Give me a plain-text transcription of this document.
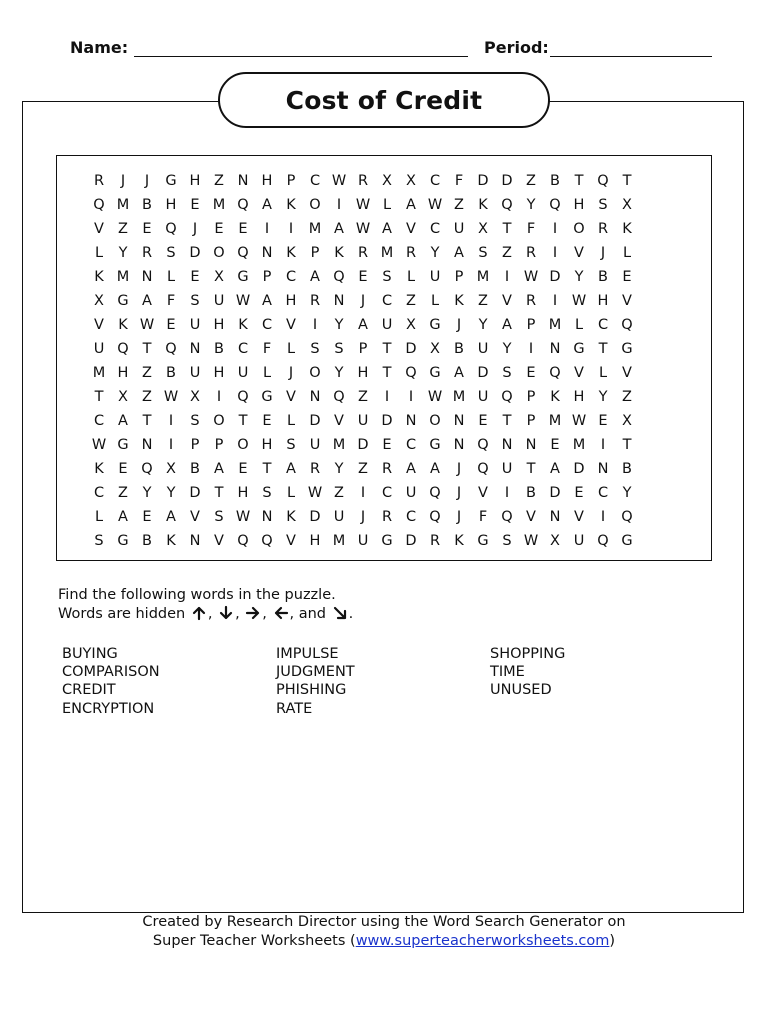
Name:	Period:
Cost of Credit
R	J	J	G H Z N H P	C W R X X C	F D D Z B	T Q T
Q M B H E M Q A K O	I	W L	A W Z K Q Y Q H S X
V Z E Q	J	E	E	I	I	M A W A V C U X	T	F	I	O R K
L	Y	R S D O Q N K	P	K R M R	Y	A S Z R	I	V	J	L
K M N	L	E X G P	C A Q E	S	L	U P M	I	W D Y	B E
X G A	F	S U W A H R N	J	C Z	L	K Z V R	I	W H V
V K W E U H K C V	I	Y	A U X G	J	Y	A	P M L	C Q
U Q T Q N B C	F	L	S	S	P	T D X B U Y	I	N G T G
M H Z B U H U	L	J	O Y H T Q G A D S	E Q V	L	V
T	X Z W X	I	Q G V N Q Z	I	I	W M U Q P	K H Y	Z
C A	T	I	S O T	E	L D V U D N O N E	T	P M W E X
W G N	I	P	P O H S U M D E C G N Q N N E M	I	T
K	E Q X B A E	T	A R	Y	Z R A A	J	Q U T	A D N B
C Z	Y	Y D T H S	L W Z	I	C U Q	J	V	I	B D E C	Y
L	A E A V S W N K D U	J	R C Q	J	F Q V N V	I	Q
S G B K N V Q Q V H M U G D R K G S W X U Q G
Find the following words in the puzzle.
Words are hidden , , , , and .
BUYING
COMPARISON
CREDIT
ENCRYPTION
IMPULSE
JUDGMENT
PHISHING
RATE
SHOPPING
TIME
UNUSED
Created by Research Director using the Word Search Generator on
Super Teacher Worksheets (www.superteacherworksheets.com)
